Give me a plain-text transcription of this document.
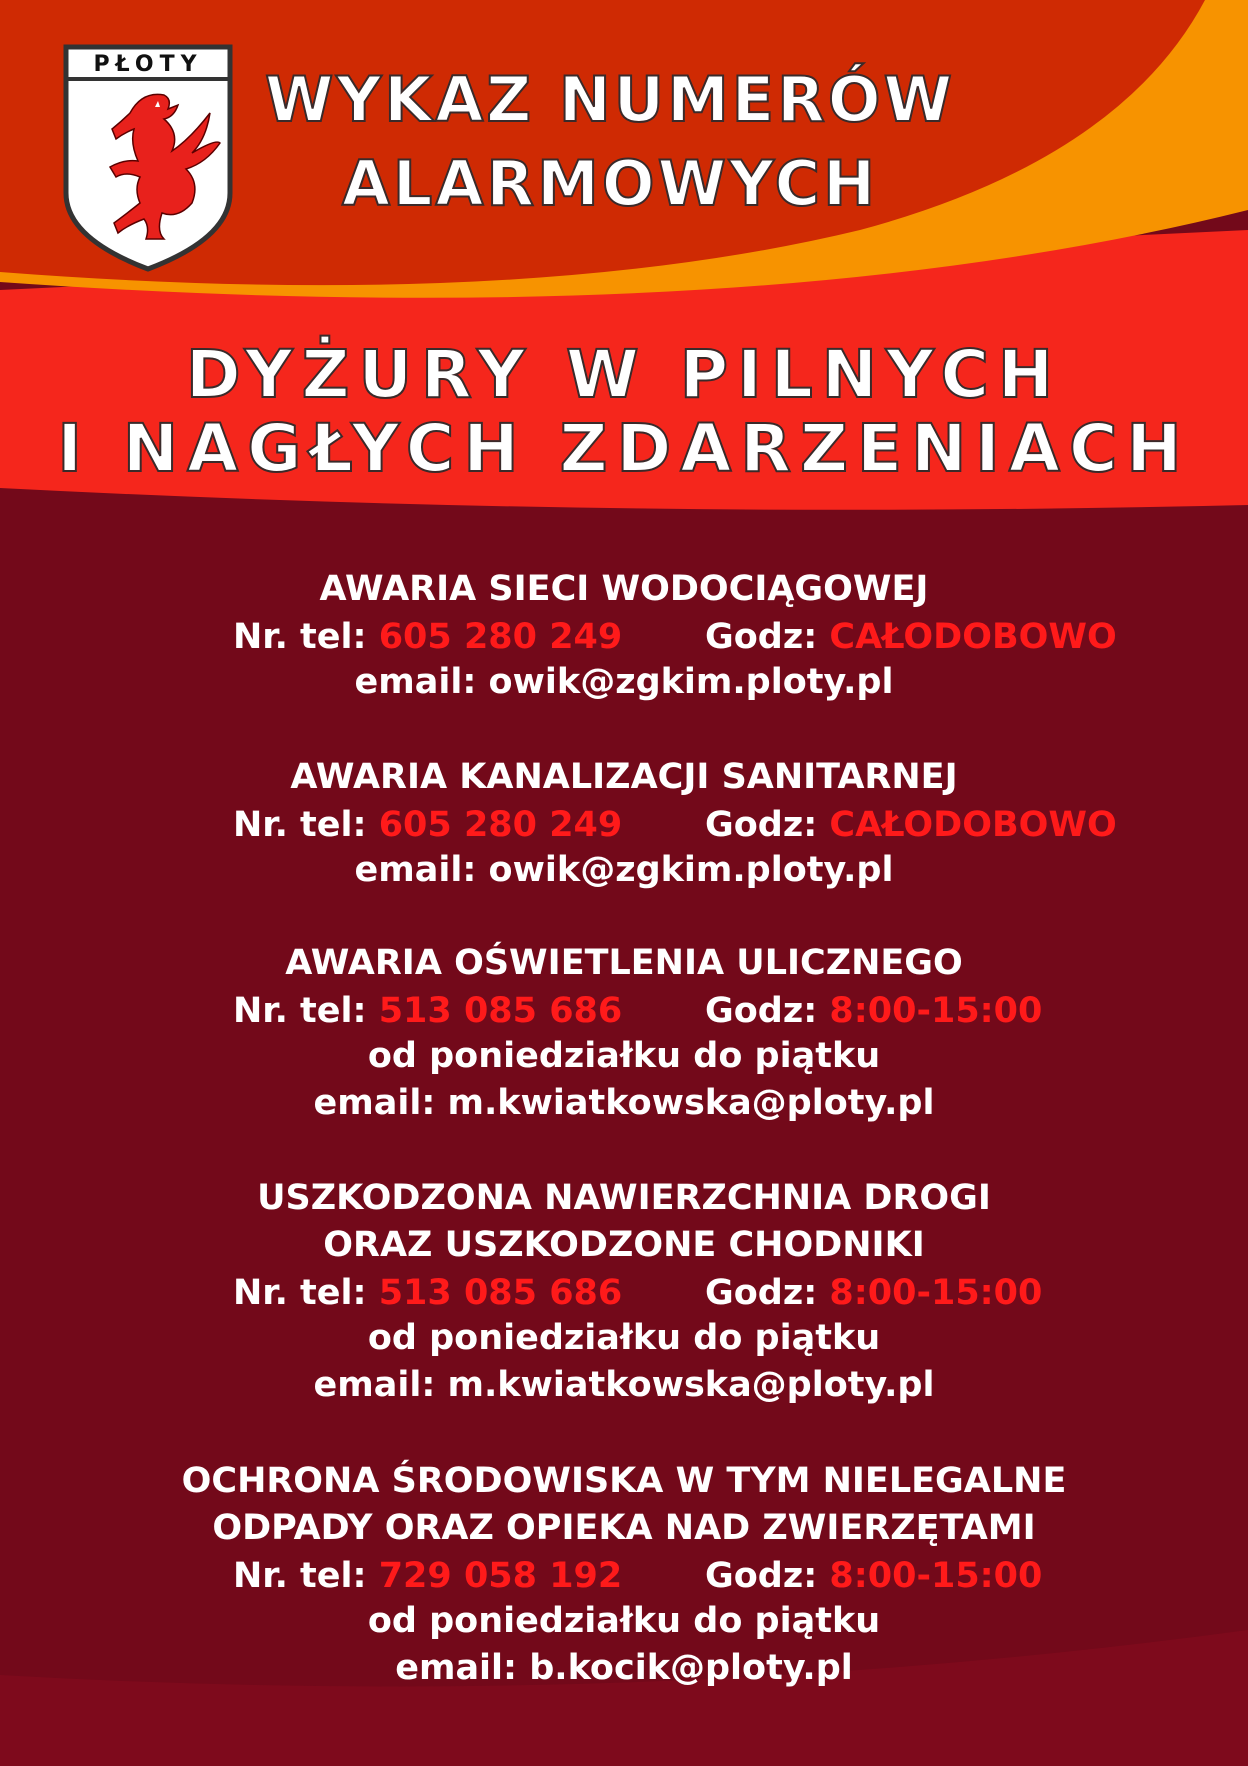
PŁOTY	WYKAZ NUMERÓW
ALARMOWYCH
DYŻURY W PILNYCH
I NAGŁYCH ZDARZENIACH
AWARIA SIECI WODOCIĄGOWEJ
Nr. tel: 605 280 249 Godz: CAŁODOBOWO
email: owik@zgkim.ploty.pl
AWARIA KANALIZACJI SANITARNEJ
Nr. tel: 605 280 249 Godz: CAŁODOBOWO
email: owik@zgkim.ploty.pl
AWARIA OŚWIETLENIA ULICZNEGO
Nr. tel: 513 085 686 Godz: 8:00-15:00
od poniedziałku do piątku
email: m.kwiatkowska@ploty.pl
USZKODZONA NAWIERZCHNIA DROGI
ORAZ USZKODZONE CHODNIKI
Nr. tel: 513 085 686 Godz: 8:00-15:00
od poniedziałku do piątku
email: m.kwiatkowska@ploty.pl
OCHRONA ŚRODOWISKA W TYM NIELEGALNE
ODPADY ORAZ OPIEKA NAD ZWIERZĘTAMI
Nr. tel: 729 058 192 Godz: 8:00-15:00
od poniedziałku do piątku
email: b.kocik@ploty.pl
